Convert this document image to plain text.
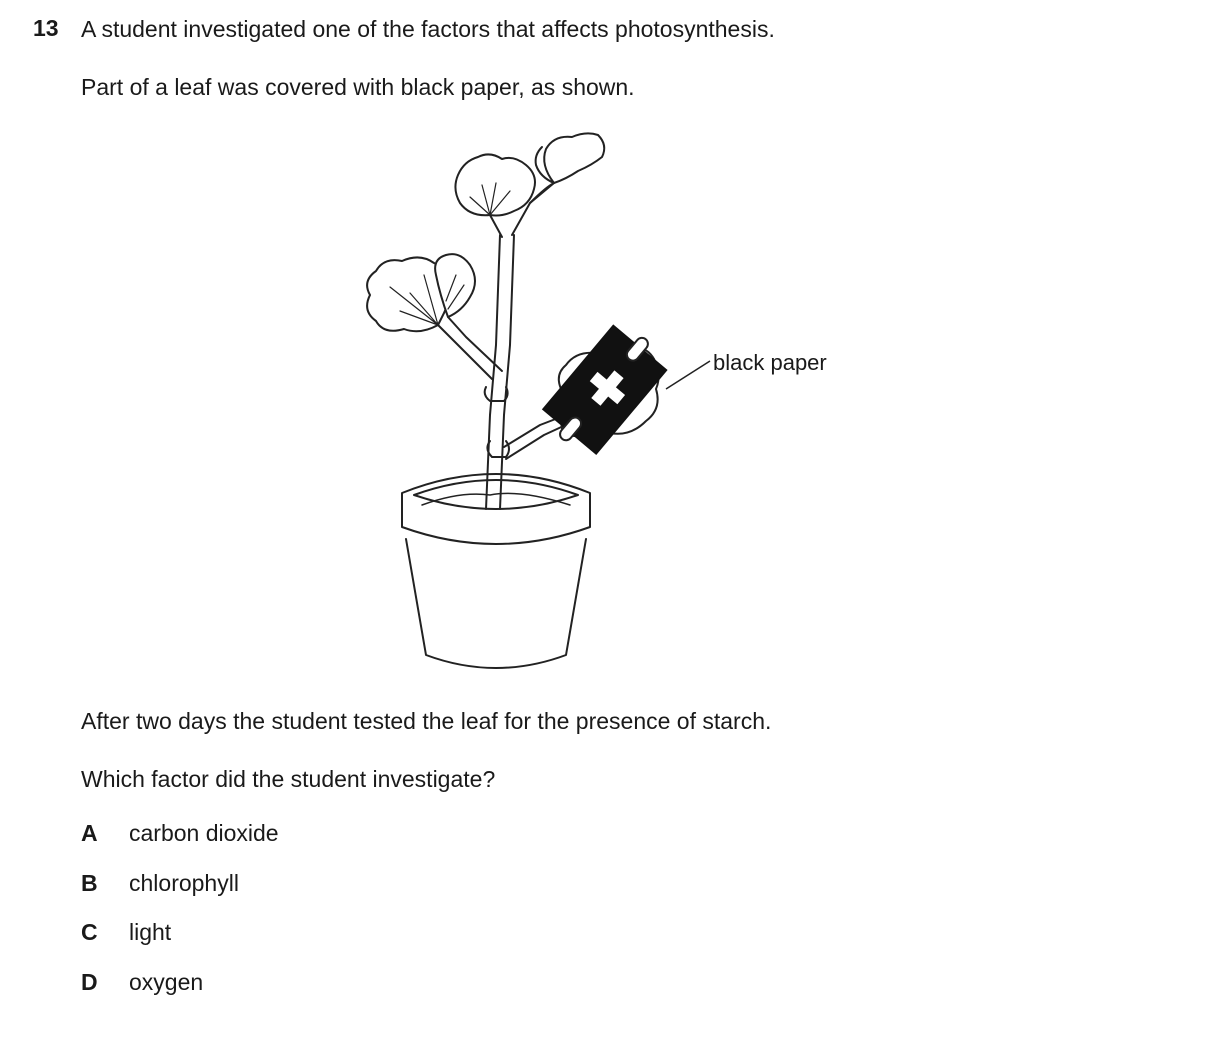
13 A student investigated one of the factors that affects photosynthesis.
Part of a leaf was covered with black paper, as shown.
black paper
After two days the student tested the leaf for the presence of starch.
Which factor did the student investigate?
A carbon dioxide
B chlorophyll
C light
D oxygen
